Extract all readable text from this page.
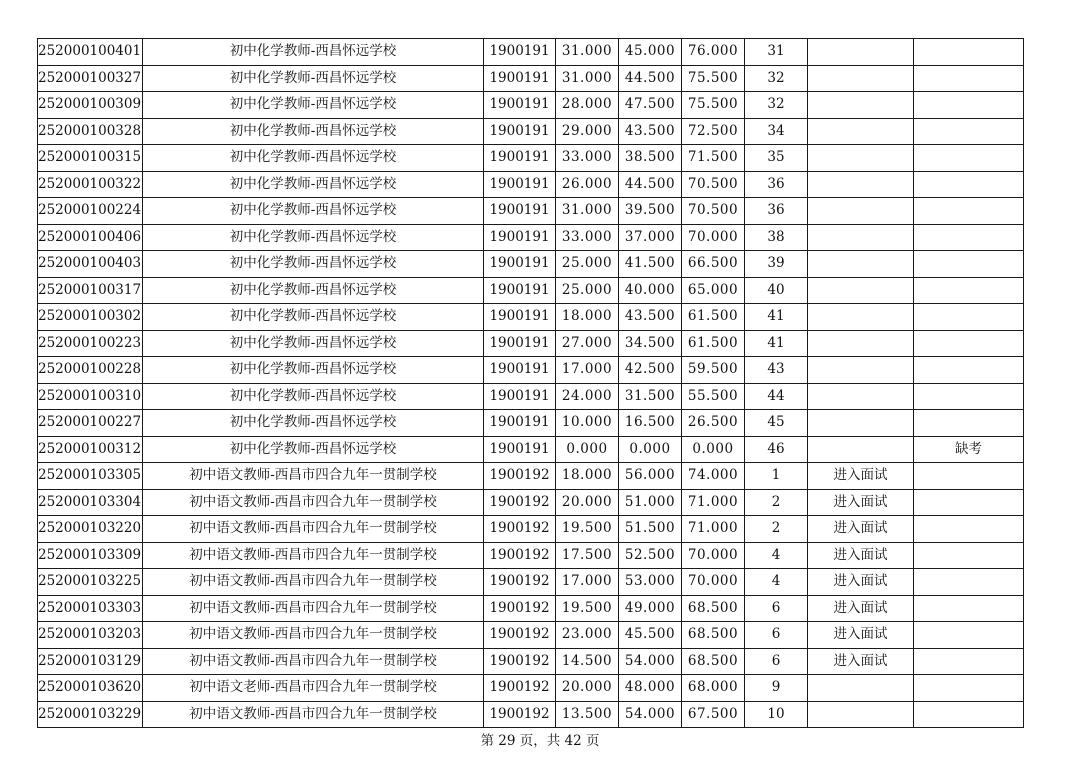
252000100401	初中化学教师-西昌怀远学校	1900191	31.000	45.000	76.000	31		
252000100327	初中化学教师-西昌怀远学校	1900191	31.000	44.500	75.500	32		
252000100309	初中化学教师-西昌怀远学校	1900191	28.000	47.500	75.500	32		
252000100328	初中化学教师-西昌怀远学校	1900191	29.000	43.500	72.500	34		
252000100315	初中化学教师-西昌怀远学校	1900191	33.000	38.500	71.500	35		
252000100322	初中化学教师-西昌怀远学校	1900191	26.000	44.500	70.500	36		
252000100224	初中化学教师-西昌怀远学校	1900191	31.000	39.500	70.500	36		
252000100406	初中化学教师-西昌怀远学校	1900191	33.000	37.000	70.000	38		
252000100403	初中化学教师-西昌怀远学校	1900191	25.000	41.500	66.500	39		
252000100317	初中化学教师-西昌怀远学校	1900191	25.000	40.000	65.000	40		
252000100302	初中化学教师-西昌怀远学校	1900191	18.000	43.500	61.500	41		
252000100223	初中化学教师-西昌怀远学校	1900191	27.000	34.500	61.500	41		
252000100228	初中化学教师-西昌怀远学校	1900191	17.000	42.500	59.500	43		
252000100310	初中化学教师-西昌怀远学校	1900191	24.000	31.500	55.500	44		
252000100227	初中化学教师-西昌怀远学校	1900191	10.000	16.500	26.500	45		
252000100312	初中化学教师-西昌怀远学校	1900191	0.000	0.000	0.000	46		缺考
252000103305	初中语文教师-西昌市四合九年一贯制学校	1900192	18.000	56.000	74.000	1	进入面试	
252000103304	初中语文教师-西昌市四合九年一贯制学校	1900192	20.000	51.000	71.000	2	进入面试	
252000103220	初中语文教师-西昌市四合九年一贯制学校	1900192	19.500	51.500	71.000	2	进入面试	
252000103309	初中语文教师-西昌市四合九年一贯制学校	1900192	17.500	52.500	70.000	4	进入面试	
252000103225	初中语文教师-西昌市四合九年一贯制学校	1900192	17.000	53.000	70.000	4	进入面试	
252000103303	初中语文教师-西昌市四合九年一贯制学校	1900192	19.500	49.000	68.500	6	进入面试	
252000103203	初中语文教师-西昌市四合九年一贯制学校	1900192	23.000	45.500	68.500	6	进入面试	
252000103129	初中语文教师-西昌市四合九年一贯制学校	1900192	14.500	54.000	68.500	6	进入面试	
252000103620	初中语文老师-西昌市四合九年一贯制学校	1900192	20.000	48.000	68.000	9		
252000103229	初中语文教师-西昌市四合九年一贯制学校	1900192	13.500	54.000	67.500	10		
第 29 页，共 42 页
